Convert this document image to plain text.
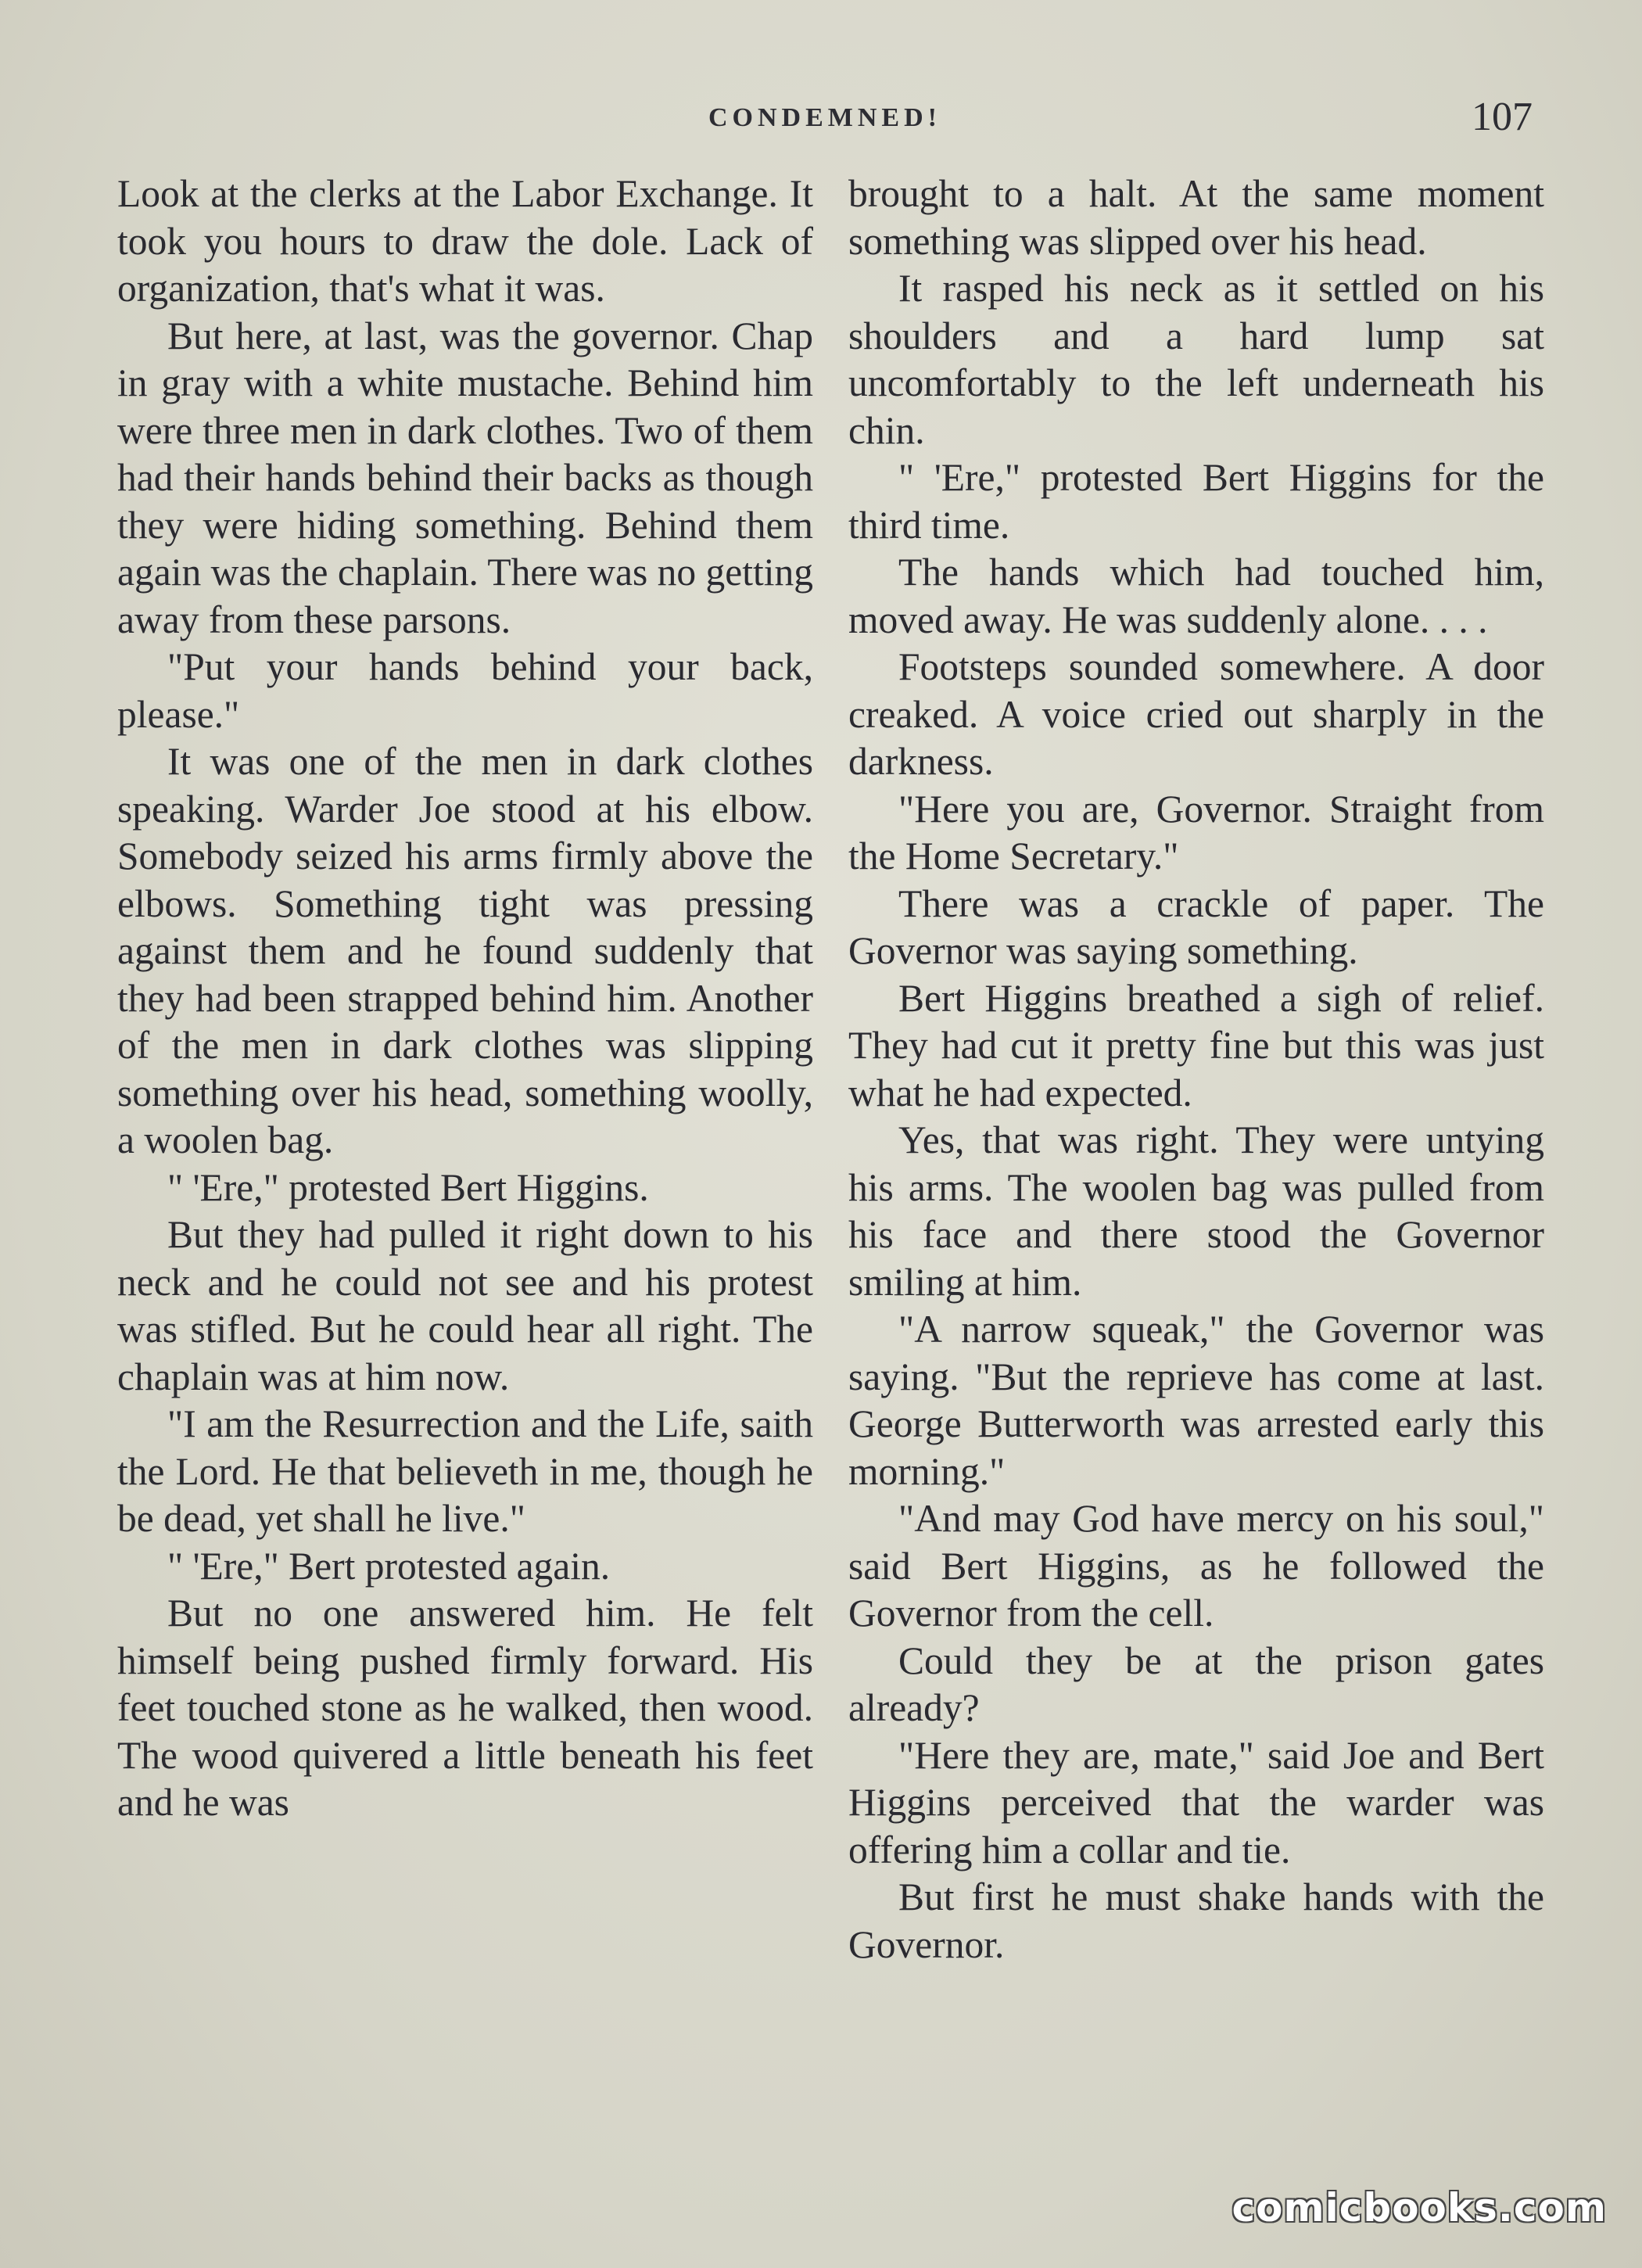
CONDEMNED!	107

Look at the clerks at the Labor Exchange. It took you hours to draw the dole. Lack of organization, that's what it was.

But here, at last, was the governor. Chap in gray with a white mustache. Behind him were three men in dark clothes. Two of them had their hands behind their backs as though they were hiding something. Behind them again was the chaplain. There was no getting away from these parsons.

"Put your hands behind your back, please."

It was one of the men in dark clothes speaking. Warder Joe stood at his elbow. Somebody seized his arms firmly above the elbows. Something tight was pressing against them and he found suddenly that they had been strapped behind him. Another of the men in dark clothes was slipping something over his head, something woolly, a woolen bag.

" 'Ere," protested Bert Higgins.

But they had pulled it right down to his neck and he could not see and his protest was stifled. But he could hear all right. The chaplain was at him now.

"I am the Resurrection and the Life, saith the Lord. He that believeth in me, though he be dead, yet shall he live."

" 'Ere," Bert protested again.

But no one answered him. He felt himself being pushed firmly forward. His feet touched stone as he walked, then wood. The wood quivered a little beneath his feet and he was

brought to a halt. At the same moment something was slipped over his head.

It rasped his neck as it settled on his shoulders and a hard lump sat uncomfortably to the left underneath his chin.

" 'Ere," protested Bert Higgins for the third time.

The hands which had touched him, moved away. He was suddenly alone. . . .

Footsteps sounded somewhere. A door creaked. A voice cried out sharply in the darkness.

"Here you are, Governor. Straight from the Home Secretary."

There was a crackle of paper. The Governor was saying something.

Bert Higgins breathed a sigh of relief. They had cut it pretty fine but this was just what he had expected.

Yes, that was right. They were untying his arms. The woolen bag was pulled from his face and there stood the Governor smiling at him.

"A narrow squeak," the Governor was saying. "But the reprieve has come at last. George Butterworth was arrested early this morning."

"And may God have mercy on his soul," said Bert Higgins, as he followed the Governor from the cell.

Could they be at the prison gates already?

"Here they are, mate," said Joe and Bert Higgins perceived that the warder was offering him a collar and tie.

But first he must shake hands with the Governor.

comicbooks.com
